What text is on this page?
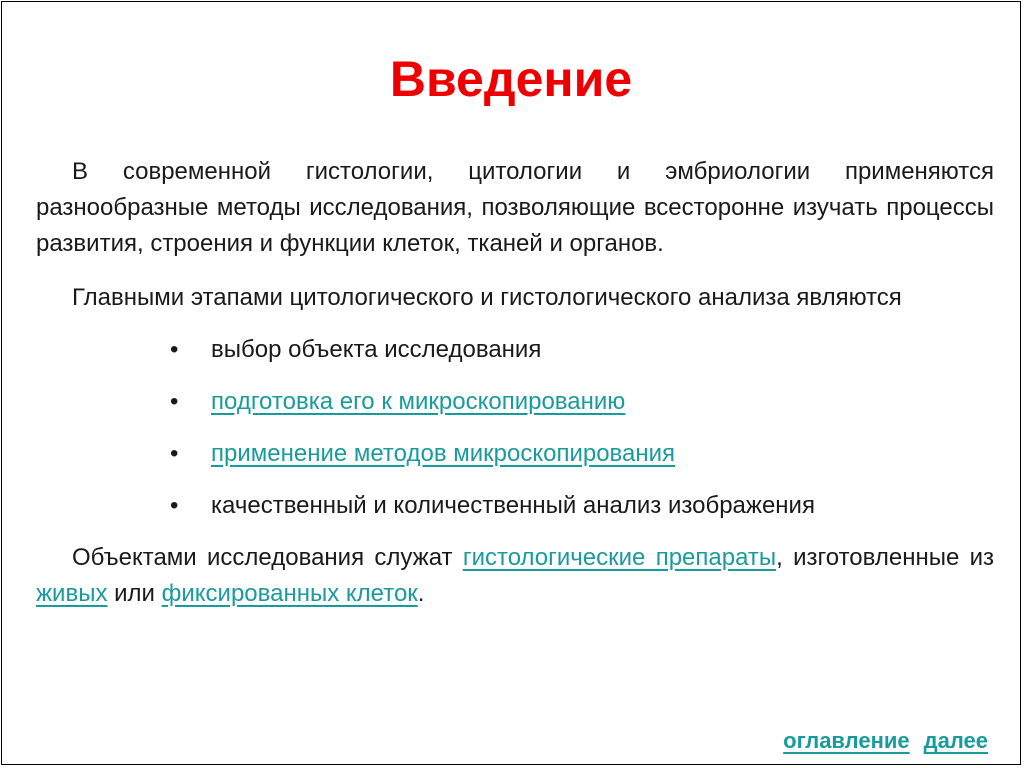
Введение

В современной гистологии, цитологии и эмбриологии применяются разнообразные методы исследования, позволяющие всесторонне изучать процессы развития, строения и функции клеток, тканей и органов.

Главными этапами цитологического и гистологического анализа являются

• выбор объекта исследования
• подготовка его к микроскопированию
• применение методов микроскопирования
• качественный и количественный анализ изображения

Объектами исследования служат гистологические препараты, изготовленные из живых или фиксированных клеток.

оглавление далее
